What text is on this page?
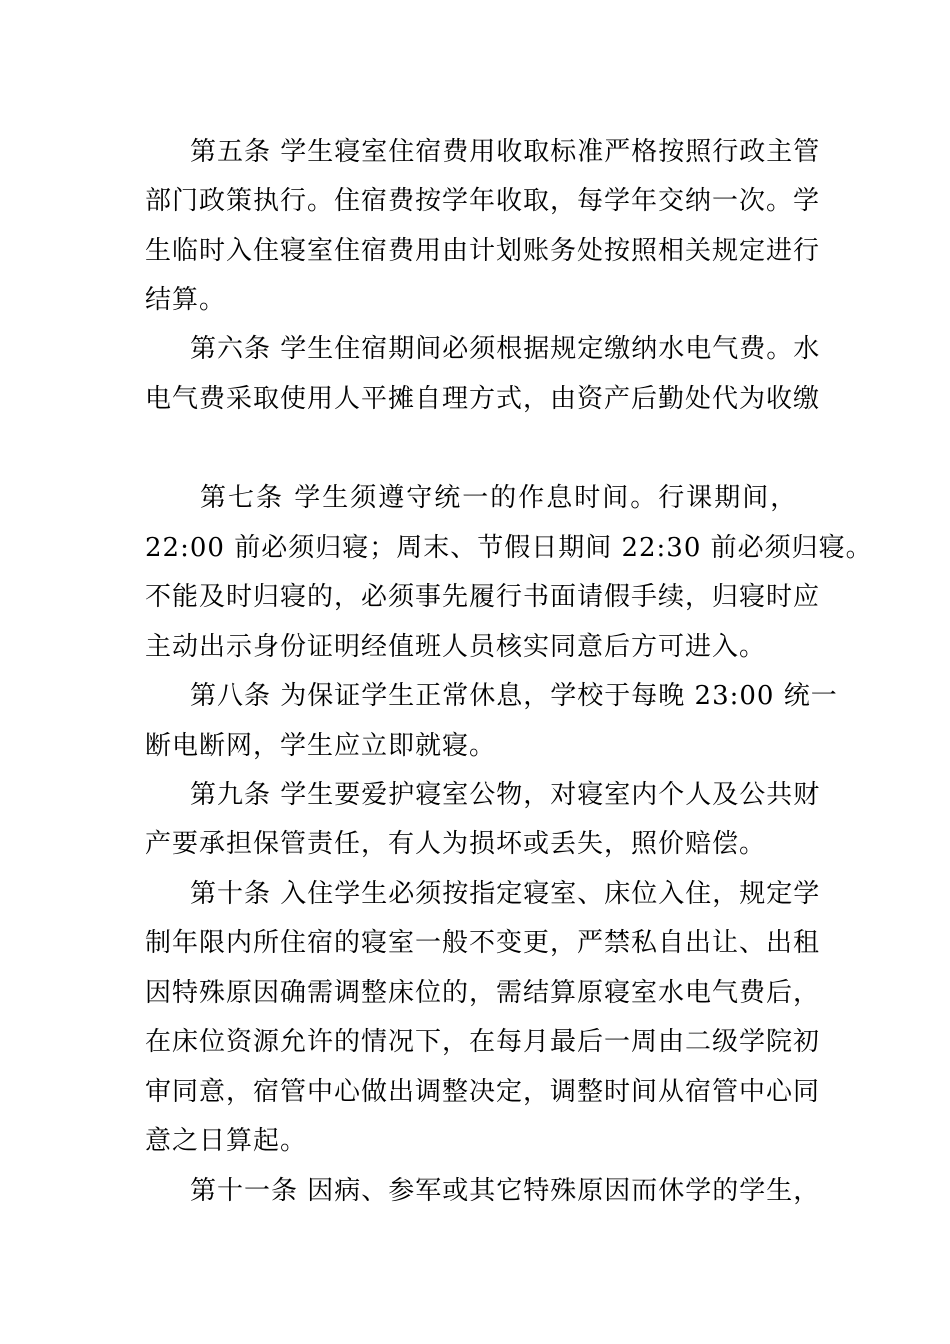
第五条 学生寝室住宿费用收取标准严格按照行政主管
部门政策执行。住宿费按学年收取，每学年交纳一次。学
生临时入住寝室住宿费用由计划账务处按照相关规定进行
结算。
第六条 学生住宿期间必须根据规定缴纳水电气费。水
电气费采取使用人平摊自理方式，由资产后勤处代为收缴
第七条 学生须遵守统一的作息时间。行课期间，
22:00 前必须归寝；周末、节假日期间 22:30 前必须归寝。
不能及时归寝的，必须事先履行书面请假手续，归寝时应
主动出示身份证明经值班人员核实同意后方可进入。
第八条 为保证学生正常休息，学校于每晚 23:00 统一
断电断网，学生应立即就寝。
第九条 学生要爱护寝室公物，对寝室内个人及公共财
产要承担保管责任，有人为损坏或丢失，照价赔偿。
第十条 入住学生必须按指定寝室、床位入住，规定学
制年限内所住宿的寝室一般不变更，严禁私自出让、出租
因特殊原因确需调整床位的，需结算原寝室水电气费后，
在床位资源允许的情况下，在每月最后一周由二级学院初
审同意，宿管中心做出调整决定，调整时间从宿管中心同
意之日算起。
第十一条 因病、参军或其它特殊原因而休学的学生，
